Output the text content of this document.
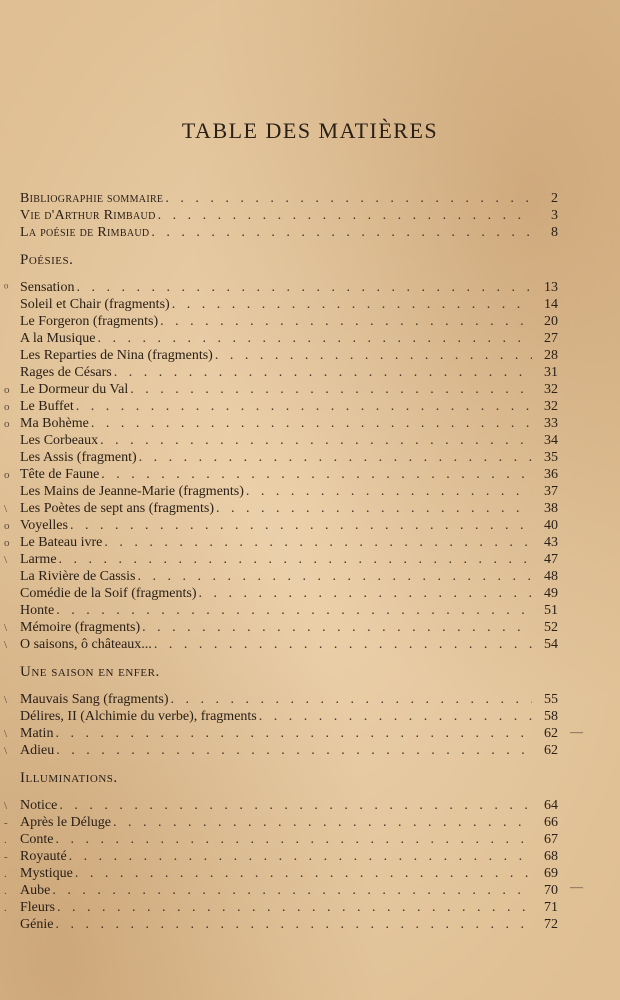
TABLE DES MATIÈRES
Bibliographie sommaire . . .	2
Vie d'Arthur Rimbaud . . .	3
La poésie de Rimbaud . . .	8
Poésies.
Sensation . . .	13
Soleil et Chair (fragments) . . .	14
Le Forgeron (fragments) . . .	20
A la Musique . . .	27
Les Reparties de Nina (fragments) . . .	28
Rages de Césars . . .	31
Le Dormeur du Val . . .	32
Le Buffet . . .	32
Ma Bohème . . .	33
Les Corbeaux . . .	34
Les Assis (fragment) . . .	35
Tête de Faune . . .	36
Les Mains de Jeanne-Marie (fragments) . . .	37
Les Poètes de sept ans (fragments) . . .	38
Voyelles . . .	40
Le Bateau ivre . . .	43
Larme . . .	47
La Rivière de Cassis . . .	48
Comédie de la Soif (fragments) . . .	49
Honte . . .	51
Mémoire (fragments) . . .	52
O saisons, ô châteaux... . . .	54
Une saison en enfer.
Mauvais Sang (fragments) . . .	55
Délires, II (Alchimie du verbe), fragments . . .	58
Matin . . .	62
Adieu . . .	62
Illuminations.
Notice . . .	64
Après le Déluge . . .	66
Conte . . .	67
Royauté . . .	68
Mystique . . .	69
Aube . . .	70
Fleurs . . .	71
Génie . . .	72
⁰
o
o
o
o
\
o
o
\
\
\
\
\
\
\
-
.
-
.
.
.
—
—
